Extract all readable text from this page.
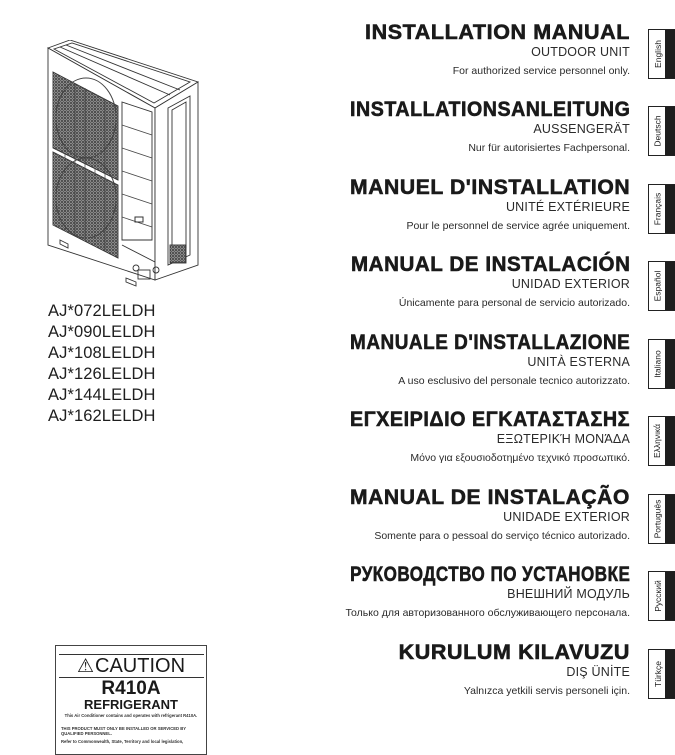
AJ*072LELDH
AJ*090LELDH
AJ*108LELDH
AJ*126LELDH
AJ*144LELDH
AJ*162LELDH
INSTALLATION MANUAL
OUTDOOR UNIT
For authorized service personnel only.
English
INSTALLATIONSANLEITUNG
AUSSENGERÄT
Nur für autorisiertes Fachpersonal.
Deutsch
MANUEL D'INSTALLATION
UNITÉ EXTÉRIEURE
Pour le personnel de service agrée uniquement.
Français
MANUAL DE INSTALACIÓN
UNIDAD EXTERIOR
Únicamente para personal de servicio autorizado.
Español
MANUALE D'INSTALLAZIONE
UNITÀ ESTERNA
A uso esclusivo del personale tecnico autorizzato.
Italiano
ΕΓΧΕΙΡΙΔΙΟ ΕΓΚΑΤΑΣΤΑΣΗΣ
ΕΞΩΤΕΡΙΚΉ ΜΟΝΆΔΑ
Μόνο για εξουσιοδοτημένο τεχνικό προσωπικό.	Ελληνικά
MANUAL DE INSTALAÇÃO
UNIDADE EXTERIOR
Somente para o pessoal do serviço técnico autorizado.	Português
РУКОВОДСТВО ПО УСТАНОВКЕ
ВНЕШНИЙ МОДУЛЬ
Только для авторизованного обслуживающего персонала.
Русский
KURULUM KILAVUZU
DIŞ ÜNİTE
Yalnızca yetkili servis personeli için.
Türkçe
⚠CAUTION
R410A
REFRIGERANT
This Air Conditioner contains and operates with refrigerant R410A.
THIS PRODUCT MUST ONLY BE INSTALLED OR SERVICED BY QUALIFIED PERSONNEL.
Refer to Commonwealth, State, Territory and local legislation,
